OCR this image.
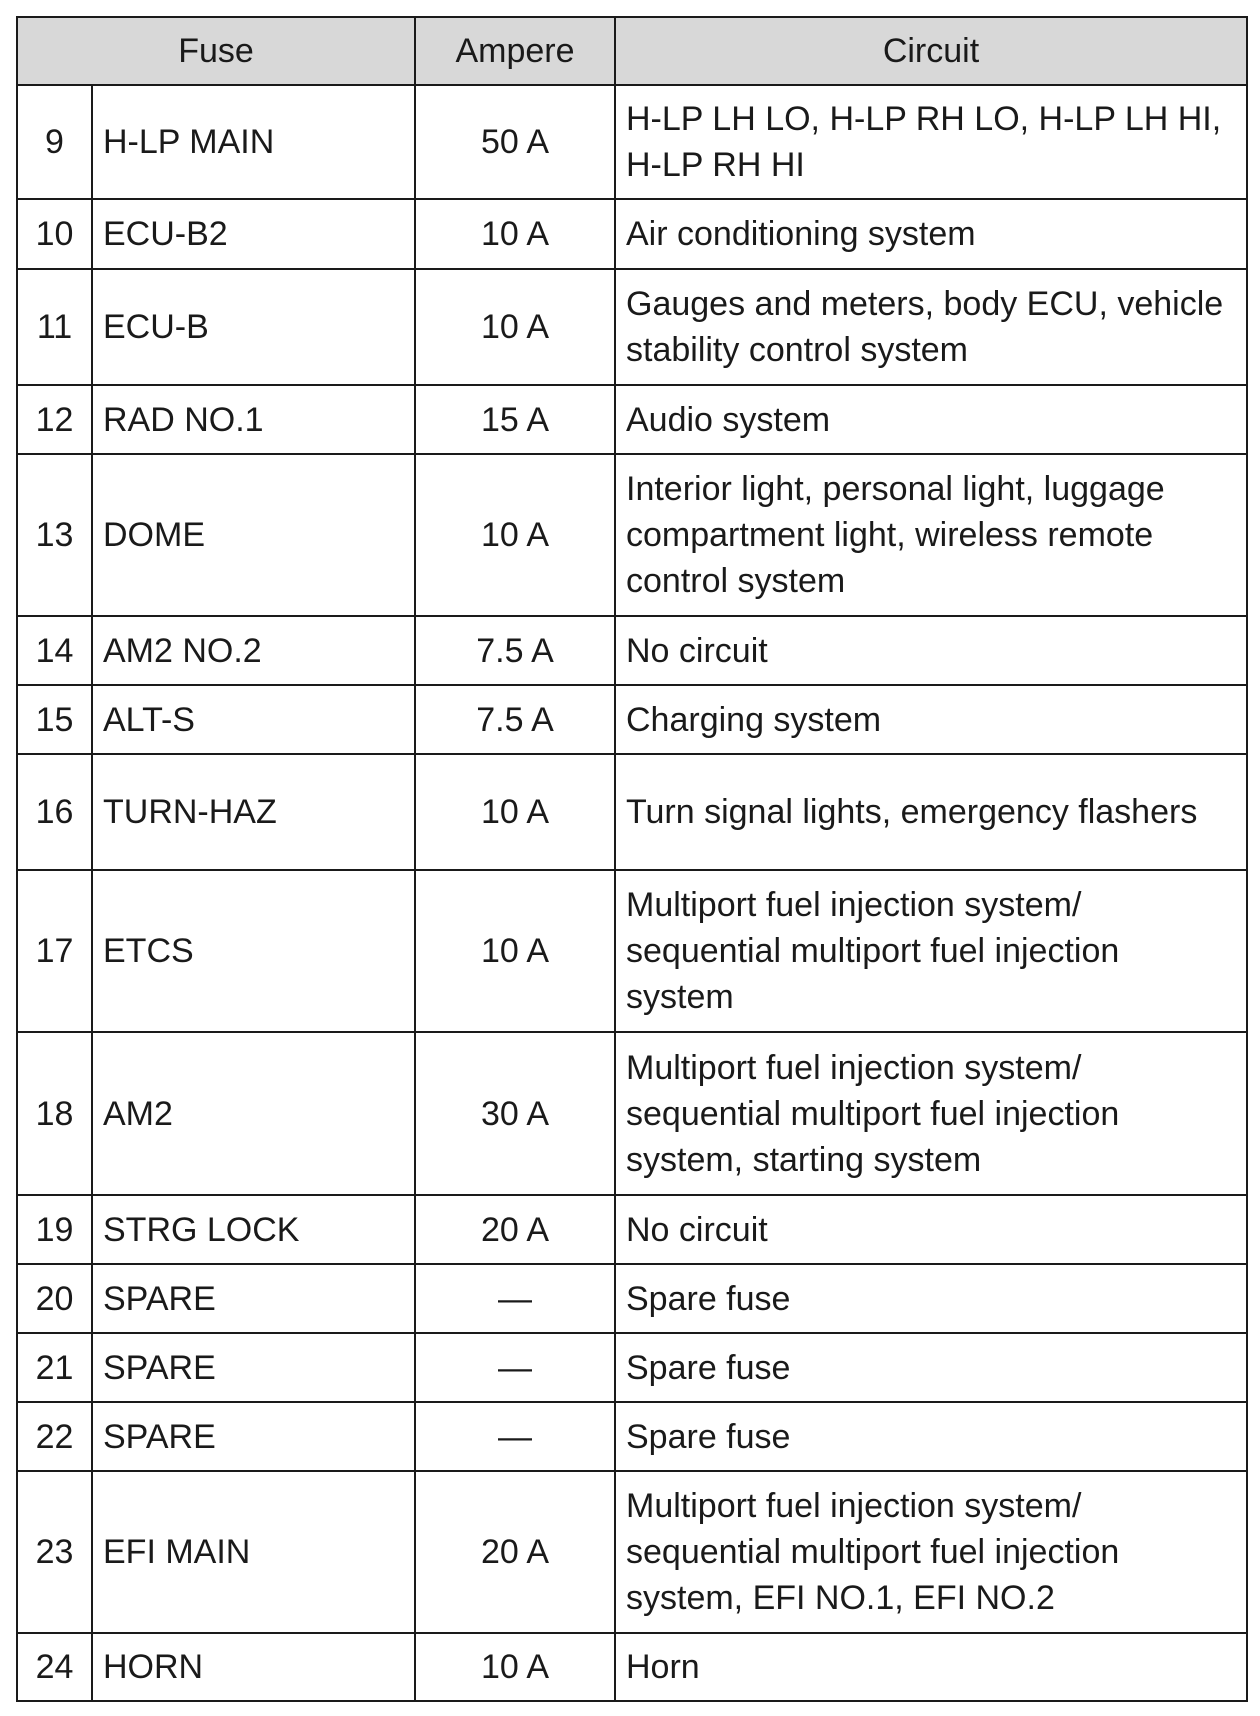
Fuse		Ampere	Circuit
9	H-LP MAIN	50 A	H-LP LH LO, H-LP RH LO, H-LP LH HI, H-LP RH HI
10	ECU-B2	10 A	Air conditioning system
11	ECU-B	10 A	Gauges and meters, body ECU, vehicle stability control system
12	RAD NO.1	15 A	Audio system
13	DOME	10 A	Interior light, personal light, luggage compartment light, wireless remote control system
14	AM2 NO.2	7.5 A	No circuit
15	ALT-S	7.5 A	Charging system
16	TURN-HAZ	10 A	Turn signal lights, emergency flashers
17	ETCS	10 A	Multiport fuel injection system/ sequential multiport fuel injection system
18	AM2	30 A	Multiport fuel injection system/ sequential multiport fuel injection system, starting system
19	STRG LOCK	20 A	No circuit
20	SPARE	—	Spare fuse
21	SPARE	—	Spare fuse
22	SPARE	—	Spare fuse
23	EFI MAIN	20 A	Multiport fuel injection system/ sequential multiport fuel injection system, EFI NO.1, EFI NO.2
24	HORN	10 A	Horn
